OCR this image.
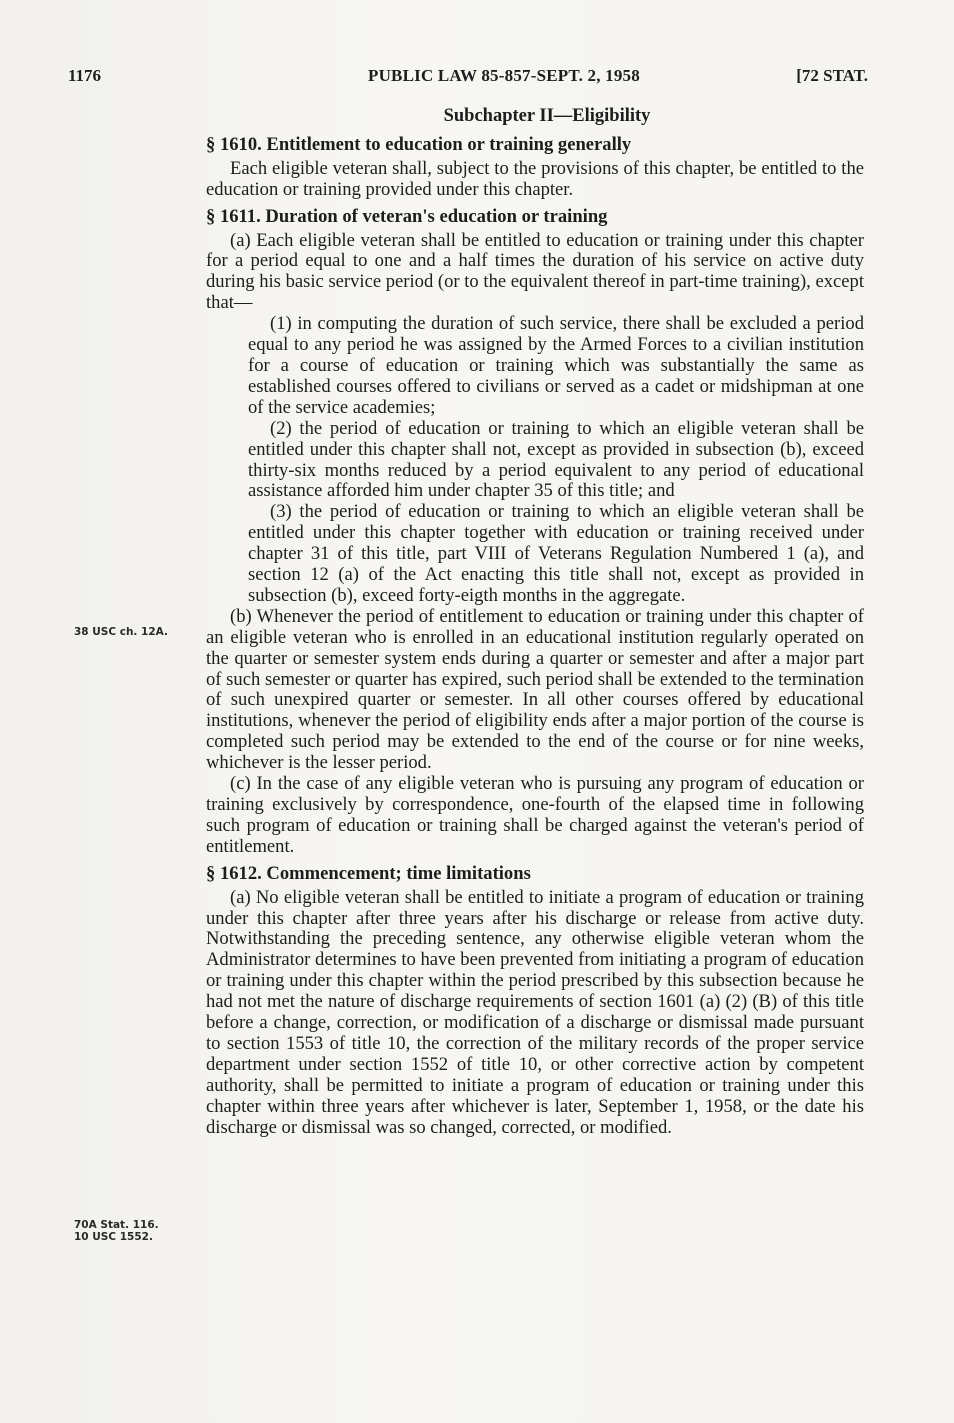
1176	PUBLIC LAW 85-857-SEPT. 2, 1958	[72 STAT.
Subchapter II—Eligibility
§ 1610. Entitlement to education or training generally

Each eligible veteran shall, subject to the provisions of this chapter, be entitled to the education or training provided under this chapter.

§ 1611. Duration of veteran's education or training

(a) Each eligible veteran shall be entitled to education or training under this chapter for a period equal to one and a half times the duration of his service on active duty during his basic service period (or to the equivalent thereof in part-time training), except that—

(1) in computing the duration of such service, there shall be excluded a period equal to any period he was assigned by the Armed Forces to a civilian institution for a course of education or training which was substantially the same as established courses offered to civilians or served as a cadet or midshipman at one of the service academies;

(2) the period of education or training to which an eligible veteran shall be entitled under this chapter shall not, except as provided in subsection (b), exceed thirty-six months reduced by a period equivalent to any period of educational assistance afforded him under chapter 35 of this title; and

(3) the period of education or training to which an eligible veteran shall be entitled under this chapter together with education or training received under chapter 31 of this title, part VIII of Veterans Regulation Numbered 1 (a), and section 12 (a) of the Act enacting this title shall not, except as provided in subsection (b), exceed forty-eigth months in the aggregate.

(b) Whenever the period of entitlement to education or training under this chapter of an eligible veteran who is enrolled in an educational institution regularly operated on the quarter or semester system ends during a quarter or semester and after a major part of such semester or quarter has expired, such period shall be extended to the termination of such unexpired quarter or semester. In all other courses offered by educational institutions, whenever the period of eligibility ends after a major portion of the course is completed such period may be extended to the end of the course or for nine weeks, whichever is the lesser period.

(c) In the case of any eligible veteran who is pursuing any program of education or training exclusively by correspondence, one-fourth of the elapsed time in following such program of education or training shall be charged against the veteran's period of entitlement.

§ 1612. Commencement; time limitations

(a) No eligible veteran shall be entitled to initiate a program of education or training under this chapter after three years after his discharge or release from active duty. Notwithstanding the preceding sentence, any otherwise eligible veteran whom the Administrator determines to have been prevented from initiating a program of education or training under this chapter within the period prescribed by this subsection because he had not met the nature of discharge requirements of section 1601 (a) (2) (B) of this title before a change, correction, or modification of a discharge or dismissal made pursuant to section 1553 of title 10, the correction of the military records of the proper service department under section 1552 of title 10, or other corrective action by competent authority, shall be permitted to initiate a program of education or training under this chapter within three years after whichever is later, September 1, 1958, or the date his discharge or dismissal was so changed, corrected, or modified.

38 USC ch. 12A.
70A Stat. 116.
10 USC 1552.
